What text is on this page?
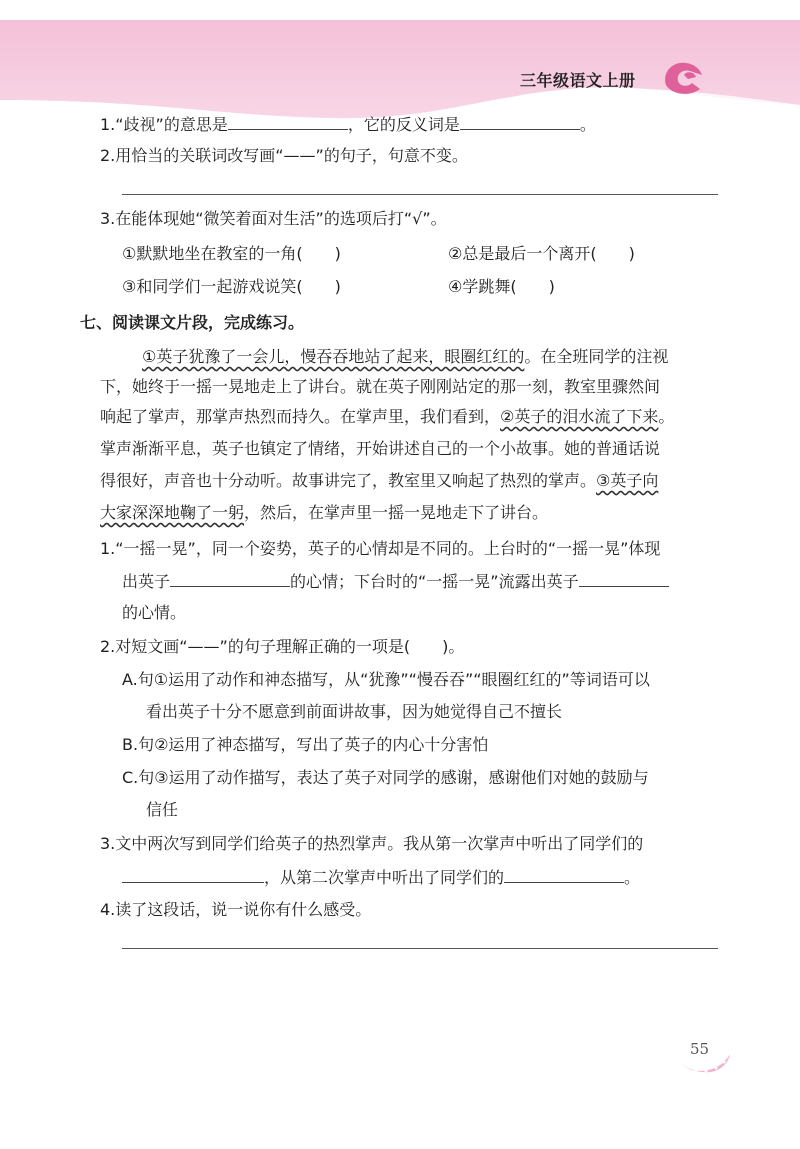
三年级语文上册
1.“歧视”的意思是	，它的反义词是	。
2.用恰当的关联词改写画“——”的句子，句意不变。
3.在能体现她“微笑着面对生活”的选项后打“√”。
①默默地坐在教室的一角(　　)	②总是最后一个离开(　　)
③和同学们一起游戏说笑(　　)	④学跳舞(　　)
七、阅读课文片段，完成练习。
①英子犹豫了一会儿，慢吞吞地站了起来，眼圈红红的。在全班同学的注视
下，她终于一摇一晃地走上了讲台。就在英子刚刚站定的那一刻，教室里骤然间
响起了掌声，那掌声热烈而持久。在掌声里，我们看到，②英子的泪水流了下来。
掌声渐渐平息，英子也镇定了情绪，开始讲述自己的一个小故事。她的普通话说
得很好，声音也十分动听。故事讲完了，教室里又响起了热烈的掌声。③英子向
大家深深地鞠了一躬，然后，在掌声里一摇一晃地走下了讲台。
1.“一摇一晃”，同一个姿势，英子的心情却是不同的。上台时的“一摇一晃”体现
出英子	的心情；下台时的“一摇一晃”流露出英子
的心情。
2.对短文画“——”的句子理解正确的一项是(　　)。
A.句①运用了动作和神态描写，从“犹豫”“慢吞吞”“眼圈红红的”等词语可以
看出英子十分不愿意到前面讲故事，因为她觉得自己不擅长
B.句②运用了神态描写，写出了英子的内心十分害怕
C.句③运用了动作描写，表达了英子对同学的感谢，感谢他们对她的鼓励与
信任
3.文中两次写到同学们给英子的热烈掌声。我从第一次掌声中听出了同学们的
，从第二次掌声中听出了同学们的	。
4.读了这段话，说一说你有什么感受。
55
